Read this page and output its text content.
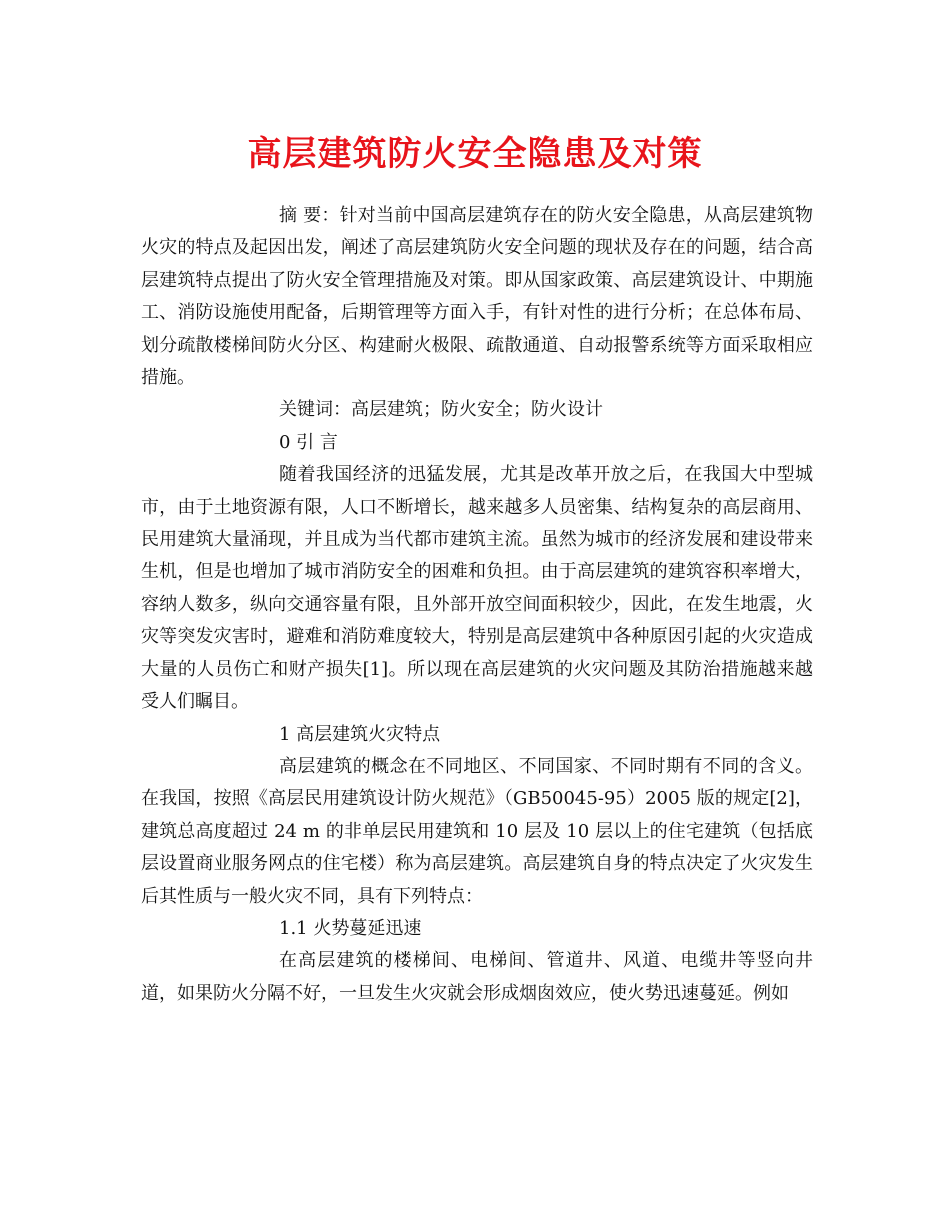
高层建筑防火安全隐患及对策

摘 要：针对当前中国高层建筑存在的防火安全隐患，从高层建筑物火灾的特点及起因出发，阐述了高层建筑防火安全问题的现状及存在的问题，结合高层建筑特点提出了防火安全管理措施及对策。即从国家政策、高层建筑设计、中期施工、消防设施使用配备，后期管理等方面入手，有针对性的进行分析；在总体布局、划分疏散楼梯间防火分区、构建耐火极限、疏散通道、自动报警系统等方面采取相应措施。

关键词：高层建筑；防火安全；防火设计

0 引 言

随着我国经济的迅猛发展，尤其是改革开放之后，在我国大中型城市，由于土地资源有限，人口不断增长，越来越多人员密集、结构复杂的高层商用、民用建筑大量涌现，并且成为当代都市建筑主流。虽然为城市的经济发展和建设带来生机，但是也增加了城市消防安全的困难和负担。由于高层建筑的建筑容积率增大，容纳人数多，纵向交通容量有限，且外部开放空间面积较少，因此，在发生地震，火灾等突发灾害时，避难和消防难度较大，特别是高层建筑中各种原因引起的火灾造成大量的人员伤亡和财产损失[1]。所以现在高层建筑的火灾问题及其防治措施越来越受人们瞩目。

1 高层建筑火灾特点

高层建筑的概念在不同地区、不同国家、不同时期有不同的含义。在我国，按照《高层民用建筑设计防火规范》（GB50045-95）2005 版的规定[2]，建筑总高度超过 24 m 的非单层民用建筑和 10 层及 10 层以上的住宅建筑（包括底层设置商业服务网点的住宅楼）称为高层建筑。高层建筑自身的特点决定了火灾发生后其性质与一般火灾不同，具有下列特点：

1.1 火势蔓延迅速

在高层建筑的楼梯间、电梯间、管道井、风道、电缆井等竖向井道，如果防火分隔不好，一旦发生火灾就会形成烟囱效应，使火势迅速蔓延。例如
